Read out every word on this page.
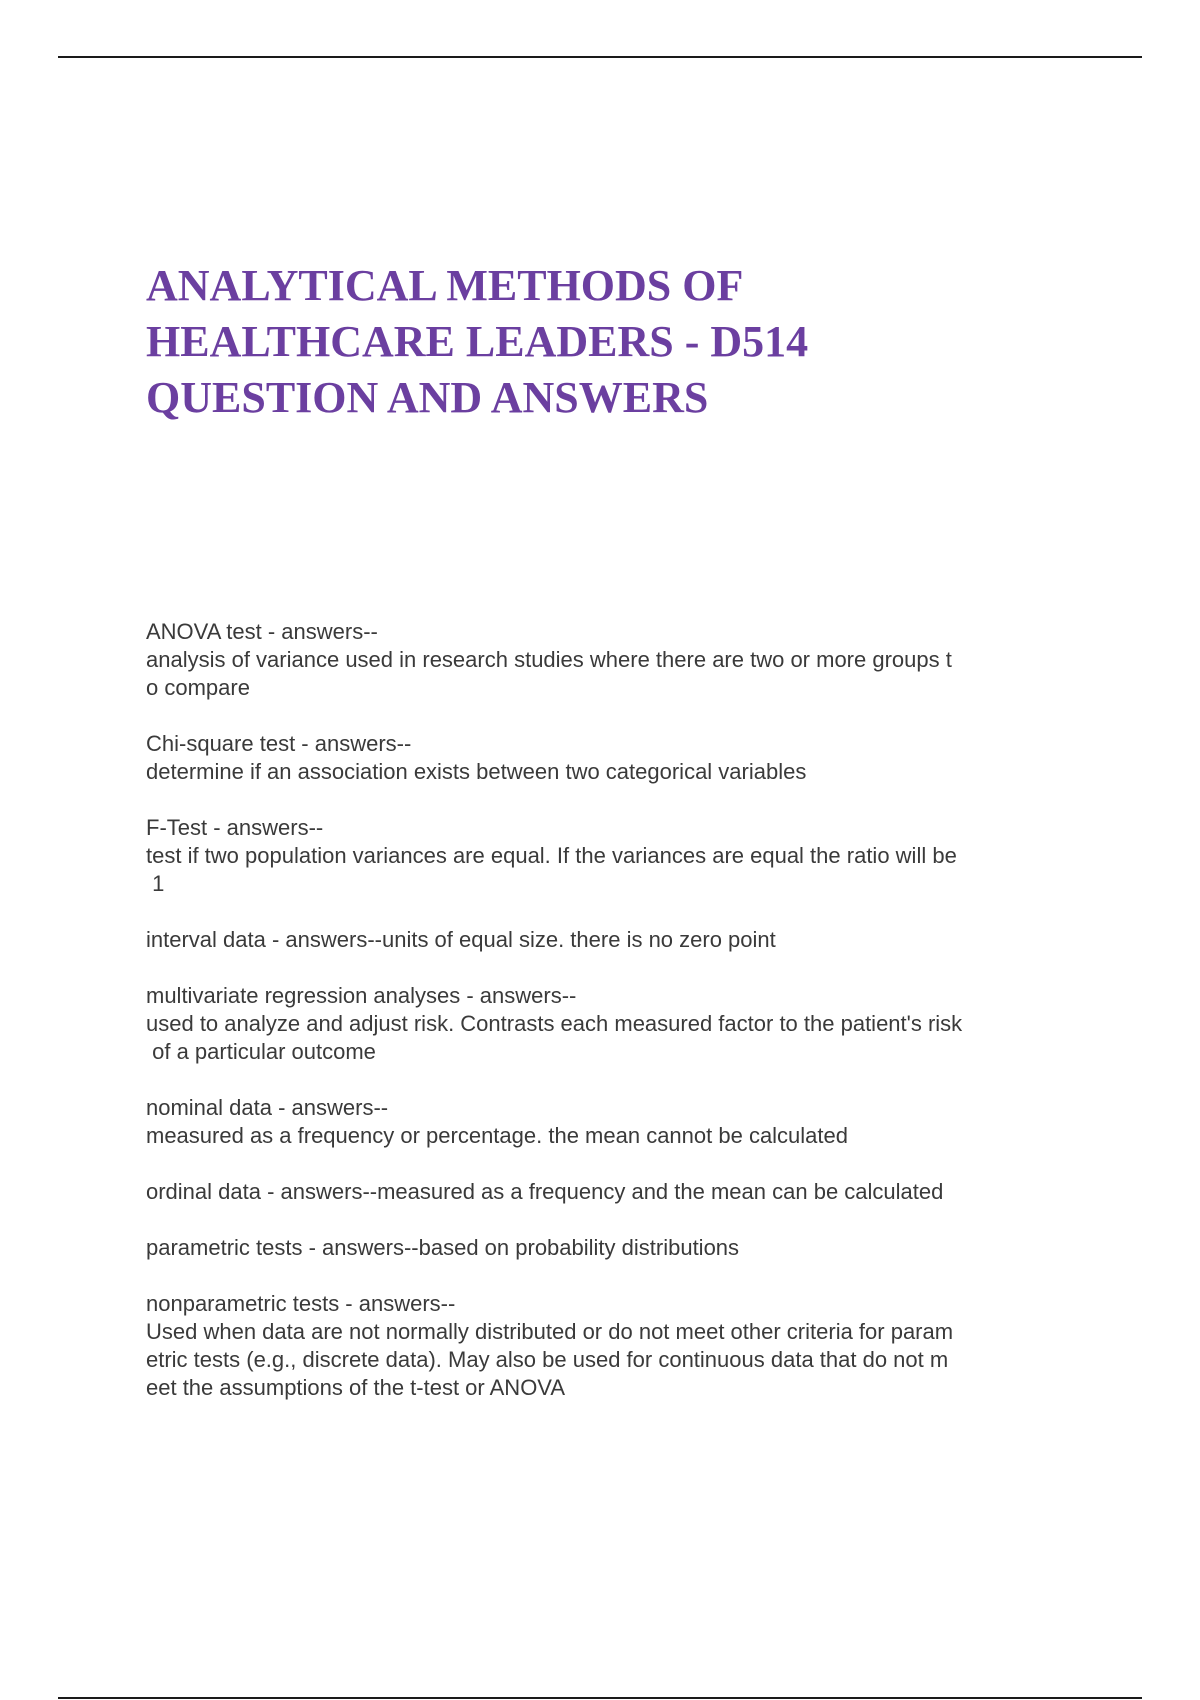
ANALYTICAL METHODS OF
HEALTHCARE LEADERS - D514
QUESTION AND ANSWERS
ANOVA test - answers--
analysis of variance used in research studies where there are two or more groups t
o compare
Chi-square test - answers--
determine if an association exists between two categorical variables
F-Test - answers--
test if two population variances are equal. If the variances are equal the ratio will be
1
interval data - answers--units of equal size. there is no zero point
multivariate regression analyses - answers--
used to analyze and adjust risk. Contrasts each measured factor to the patient's risk
of a particular outcome
nominal data - answers--
measured as a frequency or percentage. the mean cannot be calculated
ordinal data - answers--measured as a frequency and the mean can be calculated
parametric tests - answers--based on probability distributions
nonparametric tests - answers--
Used when data are not normally distributed or do not meet other criteria for param
etric tests (e.g., discrete data). May also be used for continuous data that do not m
eet the assumptions of the t-test or ANOVA
